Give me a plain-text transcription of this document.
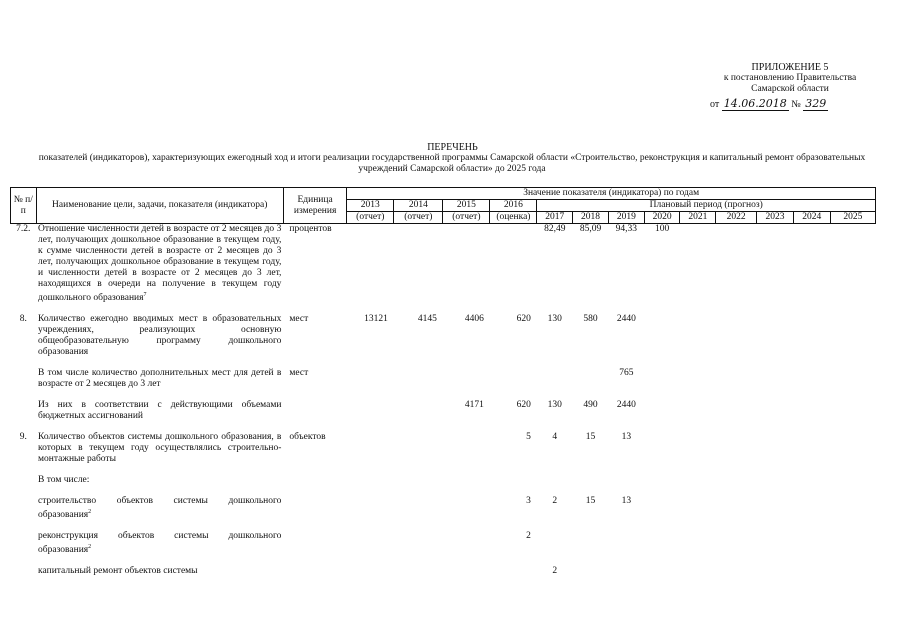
ПРИЛОЖЕНИЕ 5
к постановлению Правительства
Самарской области
от 14.06.2018 № 329
ПЕРЕЧЕНЬ
показателей (индикаторов), характеризующих ежегодный ход и итоги реализации государственной программы Самарской области «Строительство, реконструкция и капитальный ремонт образовательных учреждений Самарской области» до 2025 года
№ п/п	Наименование цели, задачи, показателя (индикатора)	Единица измерения	Значение показателя (индикатора) по годам												
			2013	2014	2015	2016	Плановый период (прогноз)								
			(отчет)	(отчет)	(отчет)	(оценка)	2017	2018	2019	2020	2021	2022	2023	2024	2025
7.2.	Отношение численности детей в возрасте от 2 месяцев до 3 лет, получающих дошкольное образование в текущем году, к сумме численности детей в возрасте от 2 месяцев до 3 лет, получающих дошкольное образование в текущем году, и численности детей в возрасте от 2 месяцев до 3 лет, находящихся в очереди на получение в текущем году дошкольного образования$^7$	процентов					82,49	85,09	94,33	100					

8.	Количество ежегодно вводимых мест в образовательных учреждениях, реализующих основную общеобразовательную программу дошкольного образования	мест	13121	4145	4406	620	130	580	2440						

	В том числе количество дополнительных мест для детей в возрасте от 2 месяцев до 3 лет	мест							765						

	Из них в соответствии с действующими объемами бюджетных ассигнований				4171	620	130	490	2440						

9.	Количество объектов системы дошкольного образования, в которых в текущем году осуществлялись строительно-монтажные работы	объектов				5	4	15	13						

	В том числе:														

	строительство объектов системы дошкольного образования$^2$					3	2	15	13						

	реконструкция объектов системы дошкольного образования$^2$					2									

	капитальный ремонт объектов системы						2								
